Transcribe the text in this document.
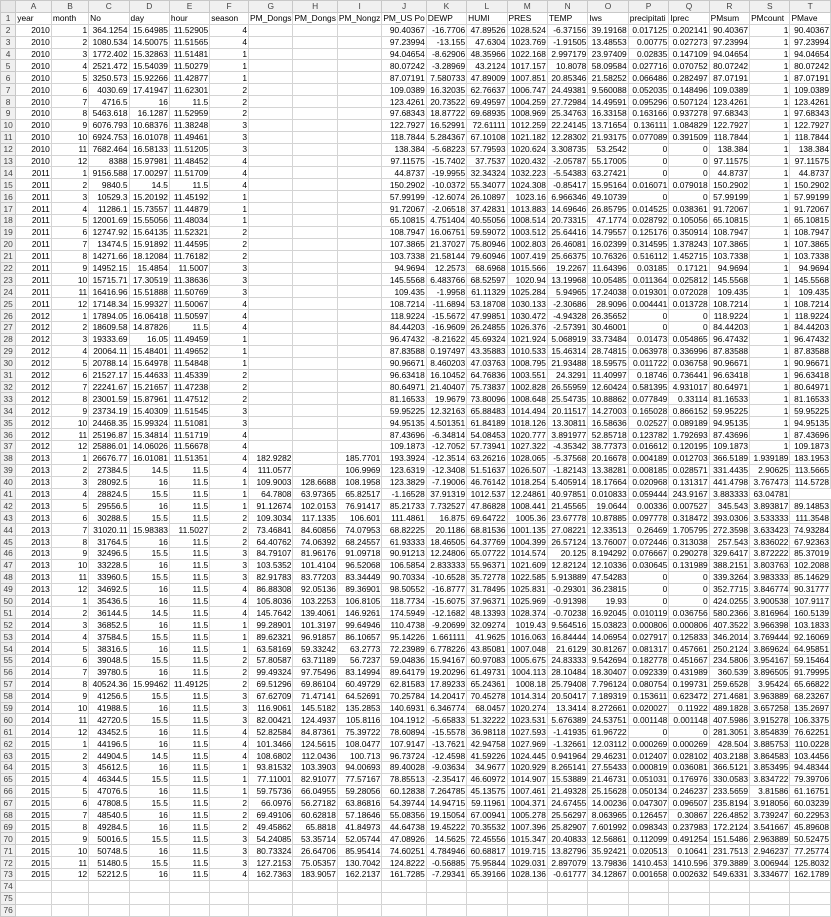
	A	B	C	D	E	F	G	H	I	J	K	L	M	N	O	P	Q	R	S	T
1	year	month	No	day	hour	season	PM_Dongs	PM_Dongs	PM_Nongz	PM_US Po	DEWP	HUMI	PRES	TEMP	Iws	precipitati	Iprec	PMsum	PMcount	PMave
2	2010	1	364.1254	15.64985	11.52905	4				90.40367	-16.7706	47.89526	1028.524	-6.37156	39.19168	0.017125	0.202141	90.40367	1	90.40367
3	2010	2	1080.534	14.50075	11.51565	4				97.23994	-13.155	47.6304	1023.769	-1.91505	13.48553	0.00775	0.027273	97.23994	1	97.23994
4	2010	3	1772.402	15.32863	11.51481	1				94.04654	-8.62906	48.35966	1022.168	2.997179	23.97409	0.02835	0.147109	94.04654	1	94.04654
5	2010	4	2521.472	15.54039	11.50279	1				80.07242	-3.28969	43.2124	1017.157	10.8078	58.09584	0.027716	0.070752	80.07242	1	80.07242
6	2010	5	3250.573	15.92266	11.42877	1				87.07191	7.580733	47.89009	1007.851	20.85346	21.58252	0.066486	0.282497	87.07191	1	87.07191
7	2010	6	4030.69	17.41947	11.62301	2				109.0389	16.32035	62.76637	1006.747	24.49381	9.560088	0.052035	0.148496	109.0389	1	109.0389
8	2010	7	4716.5	16	11.5	2				123.4261	20.73522	69.49597	1004.259	27.72984	14.49591	0.095296	0.507124	123.4261	1	123.4261
9	2010	8	5463.618	16.1287	11.52959	2				97.68343	18.87722	69.68935	1008.969	25.34763	16.33158	0.163166	0.937278	97.68343	1	97.68343
10	2010	9	6076.793	10.68376	11.38248	3				122.7927	16.52991	72.61111	1012.259	22.24145	13.71654	0.136111	1.084829	122.7927	1	122.7927
11	2010	10	6924.753	16.01078	11.49461	3				118.7844	5.284367	67.10108	1021.182	12.28302	21.93175	0.077089	0.391509	118.7844	1	118.7844
12	2010	11	7682.464	16.58133	11.51205	3				138.384	-5.68223	57.79593	1020.624	3.308735	53.2542	0	0	138.384	1	138.384
13	2010	12	8388	15.97981	11.48452	4				97.11575	-15.7402	37.7537	1020.432	-2.05787	55.17005	0	0	97.11575	1	97.11575
14	2011	1	9156.588	17.00297	11.51709	4				44.8737	-19.9955	32.34324	1032.223	-5.54383	63.27421	0	0	44.8737	1	44.8737
15	2011	2	9840.5	14.5	11.5	4				150.2902	-10.0372	55.34077	1024.308	-0.85417	15.95164	0.016071	0.079018	150.2902	1	150.2902
16	2011	3	10529.3	15.20192	11.45192	1				57.99199	-12.6074	26.10897	1023.16	6.966346	49.10739	0	0	57.99199	1	57.99199
17	2011	4	11286.1	15.73557	11.44879	1				91.72067	-2.06518	37.42831	1013.883	14.69646	26.85795	0.014525	0.038361	91.72067	1	91.72067
18	2011	5	12001.69	15.55056	11.48034	1				65.10815	4.751404	40.55056	1008.514	20.73315	47.1774	0.028792	0.105056	65.10815	1	65.10815
19	2011	6	12747.92	15.64135	11.52321	2				108.7947	16.06751	59.59072	1003.512	25.64416	14.79557	0.125176	0.350914	108.7947	1	108.7947
20	2011	7	13474.5	15.91892	11.44595	2				107.3865	21.37027	75.80946	1002.803	26.46081	16.02399	0.314595	1.378243	107.3865	1	107.3865
21	2011	8	14271.66	18.12084	11.76182	2				103.7338	21.58144	79.60946	1007.419	25.66375	10.76326	0.516112	1.452715	103.7338	1	103.7338
22	2011	9	14952.15	15.4854	11.5007	3				94.9694	12.2573	68.6968	1015.566	19.2267	11.64396	0.03185	0.17121	94.9694	1	94.9694
23	2011	10	15715.71	17.30519	11.38636	3				145.5568	6.483766	68.52597	1020.94	13.19968	10.05485	0.011364	0.025812	145.5568	1	145.5568
24	2011	11	16416.96	15.51888	11.50769	3				109.435	-1.9958	61.11329	1025.284	5.94965	17.24038	0.019301	0.072028	109.435	1	109.435
25	2011	12	17148.34	15.99327	11.50067	4				108.7214	-11.6894	53.18708	1030.133	-2.30686	28.9096	0.004441	0.013728	108.7214	1	108.7214
26	2012	1	17894.05	16.06418	11.50597	4				118.9224	-15.5672	47.99851	1030.472	-4.94328	26.35652	0	0	118.9224	1	118.9224
27	2012	2	18609.58	14.87826	11.5	4				84.44203	-16.9609	26.24855	1026.376	-2.57391	30.46001	0	0	84.44203	1	84.44203
28	2012	3	19333.69	16.05	11.49459	1				96.47432	-8.21622	45.69324	1021.924	5.068919	33.73484	0.01473	0.054865	96.47432	1	96.47432
29	2012	4	20064.11	15.48401	11.49652	1				87.83588	0.197497	43.35883	1010.533	15.46314	28.74815	0.063978	0.336996	87.83588	1	87.83588
30	2012	5	20788.14	15.64978	11.54848	1				90.96671	8.460203	47.03763	1008.795	21.93488	18.59575	0.011722	0.036758	90.96671	1	90.96671
31	2012	6	21527.17	15.44633	11.45339	2				96.63418	16.10452	64.76836	1003.551	24.3291	11.40997	0.18746	0.736441	96.63418	1	96.63418
32	2012	7	22241.67	15.21657	11.47238	2				80.64971	21.40407	75.73837	1002.828	26.55959	12.60424	0.581395	4.931017	80.64971	1	80.64971
33	2012	8	23001.59	15.87961	11.47512	2				81.16533	19.9679	73.80096	1008.648	25.54735	10.88862	0.077849	0.33114	81.16533	1	81.16533
34	2012	9	23734.19	15.40309	11.51545	3				59.95225	12.32163	65.88483	1014.494	20.11517	14.27003	0.165028	0.866152	59.95225	1	59.95225
35	2012	10	24468.35	15.99324	11.51081	3				94.95135	4.501351	61.84189	1018.126	13.30811	16.58636	0.02527	0.089189	94.95135	1	94.95135
36	2012	11	25196.87	15.34814	11.51719	4				87.43696	-6.34814	54.08453	1020.777	3.891977	52.85718	0.123782	1.792693	87.43696	1	87.43696
37	2012	12	25886.01	14.06026	11.56678	4				109.1873	-12.7052	57.73941	1027.322	-4.35342	38.77373	0.016612	0.120195	109.1873	1	109.1873
38	2013	1	26676.77	16.01081	11.51351	4	182.9282		185.7701	193.3924	-12.3514	63.26216	1028.065	-5.37568	20.16678	0.004189	0.012703	366.5189	1.939189	183.1953
39	2013	2	27384.5	14.5	11.5	4	111.0577		106.9969	123.6319	-12.3408	51.51637	1026.507	-1.82143	13.38281	0.008185	0.028571	331.4435	2.90625	113.5665
40	2013	3	28092.5	16	11.5	1	109.9003	128.6688	108.1958	123.3829	-7.19006	46.76142	1018.254	5.405914	18.17664	0.020968	0.131317	441.4798	3.767473	114.5728
41	2013	4	28824.5	15.5	11.5	1	64.7808	63.97365	65.82517	-1.16528	37.91319	1012.537	12.24861	40.97851	0.010833	0.059444	243.9167	3.883333	63.04781	
42	2013	5	29556.5	16	11.5	1	91.12674	102.0153	76.91417	85.21733	7.732527	47.86828	1008.441	21.45565	19.0644	0.00336	0.007527	345.543	3.893817	89.14853
43	2013	6	30288.5	15.5	11.5	2	109.3034	117.1335	106.601	111.4861	16.875	69.64722	1005.36	23.67778	10.87885	0.097778	0.318472	393.0306	3.533333	111.3548
44	2013	7	31020.11	15.98383	11.5027	2	73.46841	84.60856	74.07953	68.82225	20.1186	68.81536	1001.135	27.08221	12.33513	0.26469	1.705795	272.3598	3.633423	74.93284
45	2013	8	31764.5	16	11.5	2	64.40762	74.06392	68.24557	61.93333	18.46505	64.37769	1004.399	26.57124	13.76007	0.072446	0.313038	257.543	3.836022	67.92363
46	2013	9	32496.5	15.5	11.5	3	84.79107	81.96176	91.09718	90.91213	12.24806	65.07722	1014.574	20.125	8.194292	0.076667	0.290278	329.6417	3.872222	85.37019
47	2013	10	33228.5	16	11.5	3	103.5352	101.4104	96.52068	106.5854	2.833333	55.96371	1021.609	12.82124	12.10336	0.030645	0.131989	388.2151	3.803763	102.2088
48	2013	11	33960.5	15.5	11.5	3	82.91783	83.77203	83.34449	90.70334	-10.6528	35.72778	1022.585	5.913889	47.54283	0	0	339.3264	3.983333	85.14629
49	2013	12	34692.5	16	11.5	4	86.88308	92.05136	89.36901	98.50552	-16.8777	31.78495	1025.831	-0.29301	36.23815	0	0	352.7715	3.846774	90.31777
50	2014	1	35436.5	16	11.5	4	105.8036	103.2253	106.8105	118.7734	-15.6075	37.96371	1025.969	-0.91398	19.93	0	0	424.0255	3.900538	107.9117
51	2014	2	36144.5	14.5	11.5	4	145.7642	139.4061	146.9261	174.5949	-12.1682	48.13393	1028.374	-0.70238	16.92045	0.010119	0.036756	580.2366	3.816964	160.5139
52	2014	3	36852.5	16	11.5	1	99.28901	101.3197	99.64946	110.4738	-9.20699	32.09274	1019.43	9.564516	15.03823	0.000806	0.000806	407.3522	3.966398	103.1833
53	2014	4	37584.5	15.5	11.5	1	89.62321	96.91857	86.10657	95.14226	1.661111	41.9625	1016.063	16.84444	14.06954	0.027917	0.125833	346.2014	3.769444	92.16069
54	2014	5	38316.5	16	11.5	1	63.58169	59.33242	63.2773	72.23989	6.778226	43.85081	1007.048	21.6129	30.81267	0.081317	0.457661	250.2124	3.869624	64.95851
55	2014	6	39048.5	15.5	11.5	2	57.80587	63.71189	56.7237	59.04836	15.94167	60.97083	1005.675	24.83333	9.542694	0.182778	0.451667	234.5806	3.954167	59.15464
56	2014	7	39780.5	16	11.5	2	99.49324	97.75496	83.14994	89.64179	19.20296	61.49731	1004.113	28.10484	18.30407	0.092339	0.431989	360.539	3.896505	91.79995
57	2014	8	40524.36	15.99462	11.49125	2	69.51296	69.86104	60.49729	62.81583	17.89233	65.24361	1008.18	25.79408	7.796124	0.080754	0.199731	259.6528	3.95424	65.66822
58	2014	9	41256.5	15.5	11.5	3	67.62709	71.47141	64.52691	70.25784	14.20417	70.45278	1014.314	20.50417	7.189319	0.153611	0.623472	271.4681	3.963889	68.23267
59	2014	10	41988.5	16	11.5	3	116.9061	145.5182	135.2853	140.6931	6.346774	68.0457	1020.274	13.3414	8.272661	0.020027	0.11922	489.1828	3.657258	135.2697
60	2014	11	42720.5	15.5	11.5	3	82.00421	124.4937	105.8116	104.1912	-5.65833	51.32222	1023.531	5.676389	24.53751	0.001148	0.001148	407.5986	3.915278	106.3375
61	2014	12	43452.5	16	11.5	4	52.82584	84.87361	75.39722	78.60894	-15.5578	36.98118	1027.593	-1.41935	61.96722	0	0	281.3051	3.854839	76.62251
62	2015	1	44196.5	16	11.5	4	101.3466	124.5615	108.0477	107.9147	-13.7621	42.94758	1027.969	-1.32661	12.03112	0.000269	0.000269	428.504	3.885753	110.0228
63	2015	2	44904.5	14.5	11.5	4	108.6802	112.0436	100.713	96.73724	-12.4598	41.59226	1024.445	0.941964	29.46231	0.012407	0.028102	403.2188	3.864583	103.4456
64	2015	3	45612.5	16	11.5	1	93.81532	103.3903	94.00693	89.40028	-9.03634	34.9677	1020.929	8.265141	27.55433	0.000819	0.036081	366.5121	3.853495	94.48344
65	2015	4	46344.5	15.5	11.5	1	77.11001	82.91077	77.57167	78.85513	-2.35417	46.60972	1014.907	15.53889	21.46731	0.051031	0.176976	330.0583	3.834722	79.39706
66	2015	5	47076.5	16	11.5	1	59.75736	66.04955	59.28056	60.12838	7.264785	45.13575	1007.461	21.49328	25.15628	0.050134	0.246237	233.5659	3.81586	61.16751
67	2015	6	47808.5	15.5	11.5	2	66.0976	56.27182	63.86816	54.39744	14.94715	59.11961	1004.371	24.67455	14.00236	0.047307	0.096507	235.8194	3.918056	60.03239
68	2015	7	48540.5	16	11.5	2	69.49106	60.62818	57.18646	55.08356	19.15054	67.00941	1005.278	25.56297	8.063965	0.126457	0.30867	226.4852	3.739247	60.22953
69	2015	8	49284.5	16	11.5	2	49.45862	65.8818	41.84973	44.64738	19.45222	70.35532	1007.396	25.82907	7.601992	0.098343	0.237983	172.2124	3.541667	45.89608
70	2015	9	50016.5	15.5	11.5	3	54.24085	53.35714	52.05744	47.08926	14.5625	72.45556	1015.347	20.40833	12.56861	0.112099	0.491254	151.5486	2.963889	50.52475
71	2015	10	50748.5	16	11.5	3	80.73324	26.64706	85.95414	74.60251	4.784946	60.68817	1019.715	13.82796	35.92421	0.020513	0.10641	231.7513	2.946237	77.25774
72	2015	11	51480.5	15.5	11.5	3	127.2153	75.05357	130.7042	124.8222	-0.56885	75.95844	1029.031	2.897079	13.79836	1410.453	1410.596	379.3889	3.006944	125.8032
73	2015	12	52212.5	16	11.5	4	162.7363	183.9057	162.2137	161.7285	-7.29341	65.39166	1028.136	-0.61777	34.12867	0.001658	0.002632	549.6331	3.334677	162.1789
74																				
75																				
76																				
